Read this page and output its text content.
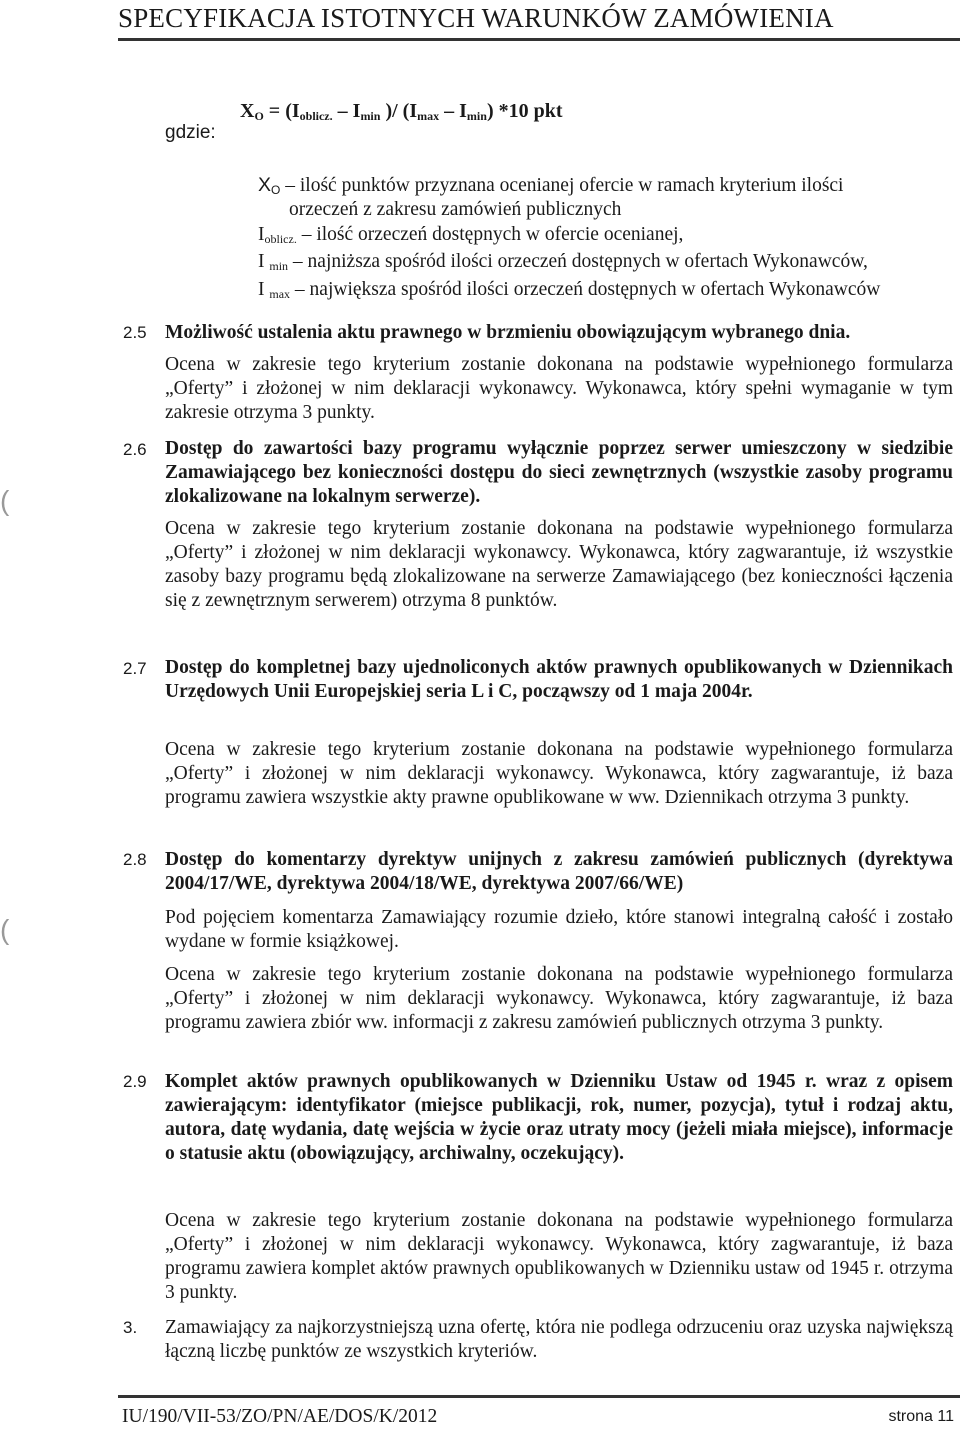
SPECYFIKACJA ISTOTNYCH WARUNKÓW ZAMÓWIENIA
$X_O = (I_{oblicz.} - I_{min}$ )/ $(I_{max} - I_{min})$ *10 pkt
gdzie:
$X_O$ – ilość punktów przyznana ocenianej ofercie w ramach kryterium ilości
orzeczeń z zakresu zamówień publicznych
$I_{oblicz.}$ – ilość orzeczeń dostępnych w ofercie ocenianej,
I $_{min}$ – najniższa spośród ilości orzeczeń dostępnych w ofertach Wykonawców,
I $_{max}$ – największa spośród ilości orzeczeń dostępnych w ofertach Wykonawców
2.5 Możliwość ustalenia aktu prawnego w brzmieniu obowiązującym wybranego dnia.
Ocena w zakresie tego kryterium zostanie dokonana na podstawie wypełnionego formularza „Oferty” i złożonej w nim deklaracji wykonawcy. Wykonawca, który spełni wymaganie w tym zakresie otrzyma 3 punkty.
2.6 Dostęp do zawartości bazy programu wyłącznie poprzez serwer umieszczony w siedzibie Zamawiającego bez konieczności dostępu do sieci zewnętrznych (wszystkie zasoby programu zlokalizowane na lokalnym serwerze).
Ocena w zakresie tego kryterium zostanie dokonana na podstawie wypełnionego formularza „Oferty” i złożonej w nim deklaracji wykonawcy. Wykonawca, który zagwarantuje, iż wszystkie zasoby bazy programu będą zlokalizowane na serwerze Zamawiającego (bez konieczności łączenia się z zewnętrznym serwerem) otrzyma 8 punktów.
2.7 Dostęp do kompletnej bazy ujednoliconych aktów prawnych opublikowanych w Dziennikach Urzędowych Unii Europejskiej seria L i C, począwszy od 1 maja 2004r.
Ocena w zakresie tego kryterium zostanie dokonana na podstawie wypełnionego formularza „Oferty” i złożonej w nim deklaracji wykonawcy. Wykonawca, który zagwarantuje, iż baza programu zawiera wszystkie akty prawne opublikowane w ww. Dziennikach otrzyma 3 punkty.
2.8 Dostęp do komentarzy dyrektyw unijnych z zakresu zamówień publicznych (dyrektywa 2004/17/WE, dyrektywa 2004/18/WE, dyrektywa 2007/66/WE)
Pod pojęciem komentarza Zamawiający rozumie dzieło, które stanowi integralną całość i zostało wydane w formie książkowej.
Ocena w zakresie tego kryterium zostanie dokonana na podstawie wypełnionego formularza „Oferty” i złożonej w nim deklaracji wykonawcy. Wykonawca, który zagwarantuje, iż baza programu zawiera zbiór ww. informacji z zakresu zamówień publicznych otrzyma 3 punkty.
2.9 Komplet aktów prawnych opublikowanych w Dzienniku Ustaw od 1945 r. wraz z opisem zawierającym: identyfikator (miejsce publikacji, rok, numer, pozycja), tytuł i rodzaj aktu, autora, datę wydania, datę wejścia w życie oraz utraty mocy (jeżeli miała miejsce), informacje o statusie aktu (obowiązujący, archiwalny, oczekujący).
Ocena w zakresie tego kryterium zostanie dokonana na podstawie wypełnionego formularza „Oferty” i złożonej w nim deklaracji wykonawcy. Wykonawca, który zagwarantuje, iż baza programu zawiera komplet aktów prawnych opublikowanych w Dzienniku ustaw od 1945 r. otrzyma 3 punkty.
3. Zamawiający za najkorzystniejszą uzna ofertę, która nie podlega odrzuceniu oraz uzyska największą łączną liczbę punktów ze wszystkich kryteriów.
(
(
IU/190/VII-53/ZO/PN/AE/DOS/K/2012	strona 11
